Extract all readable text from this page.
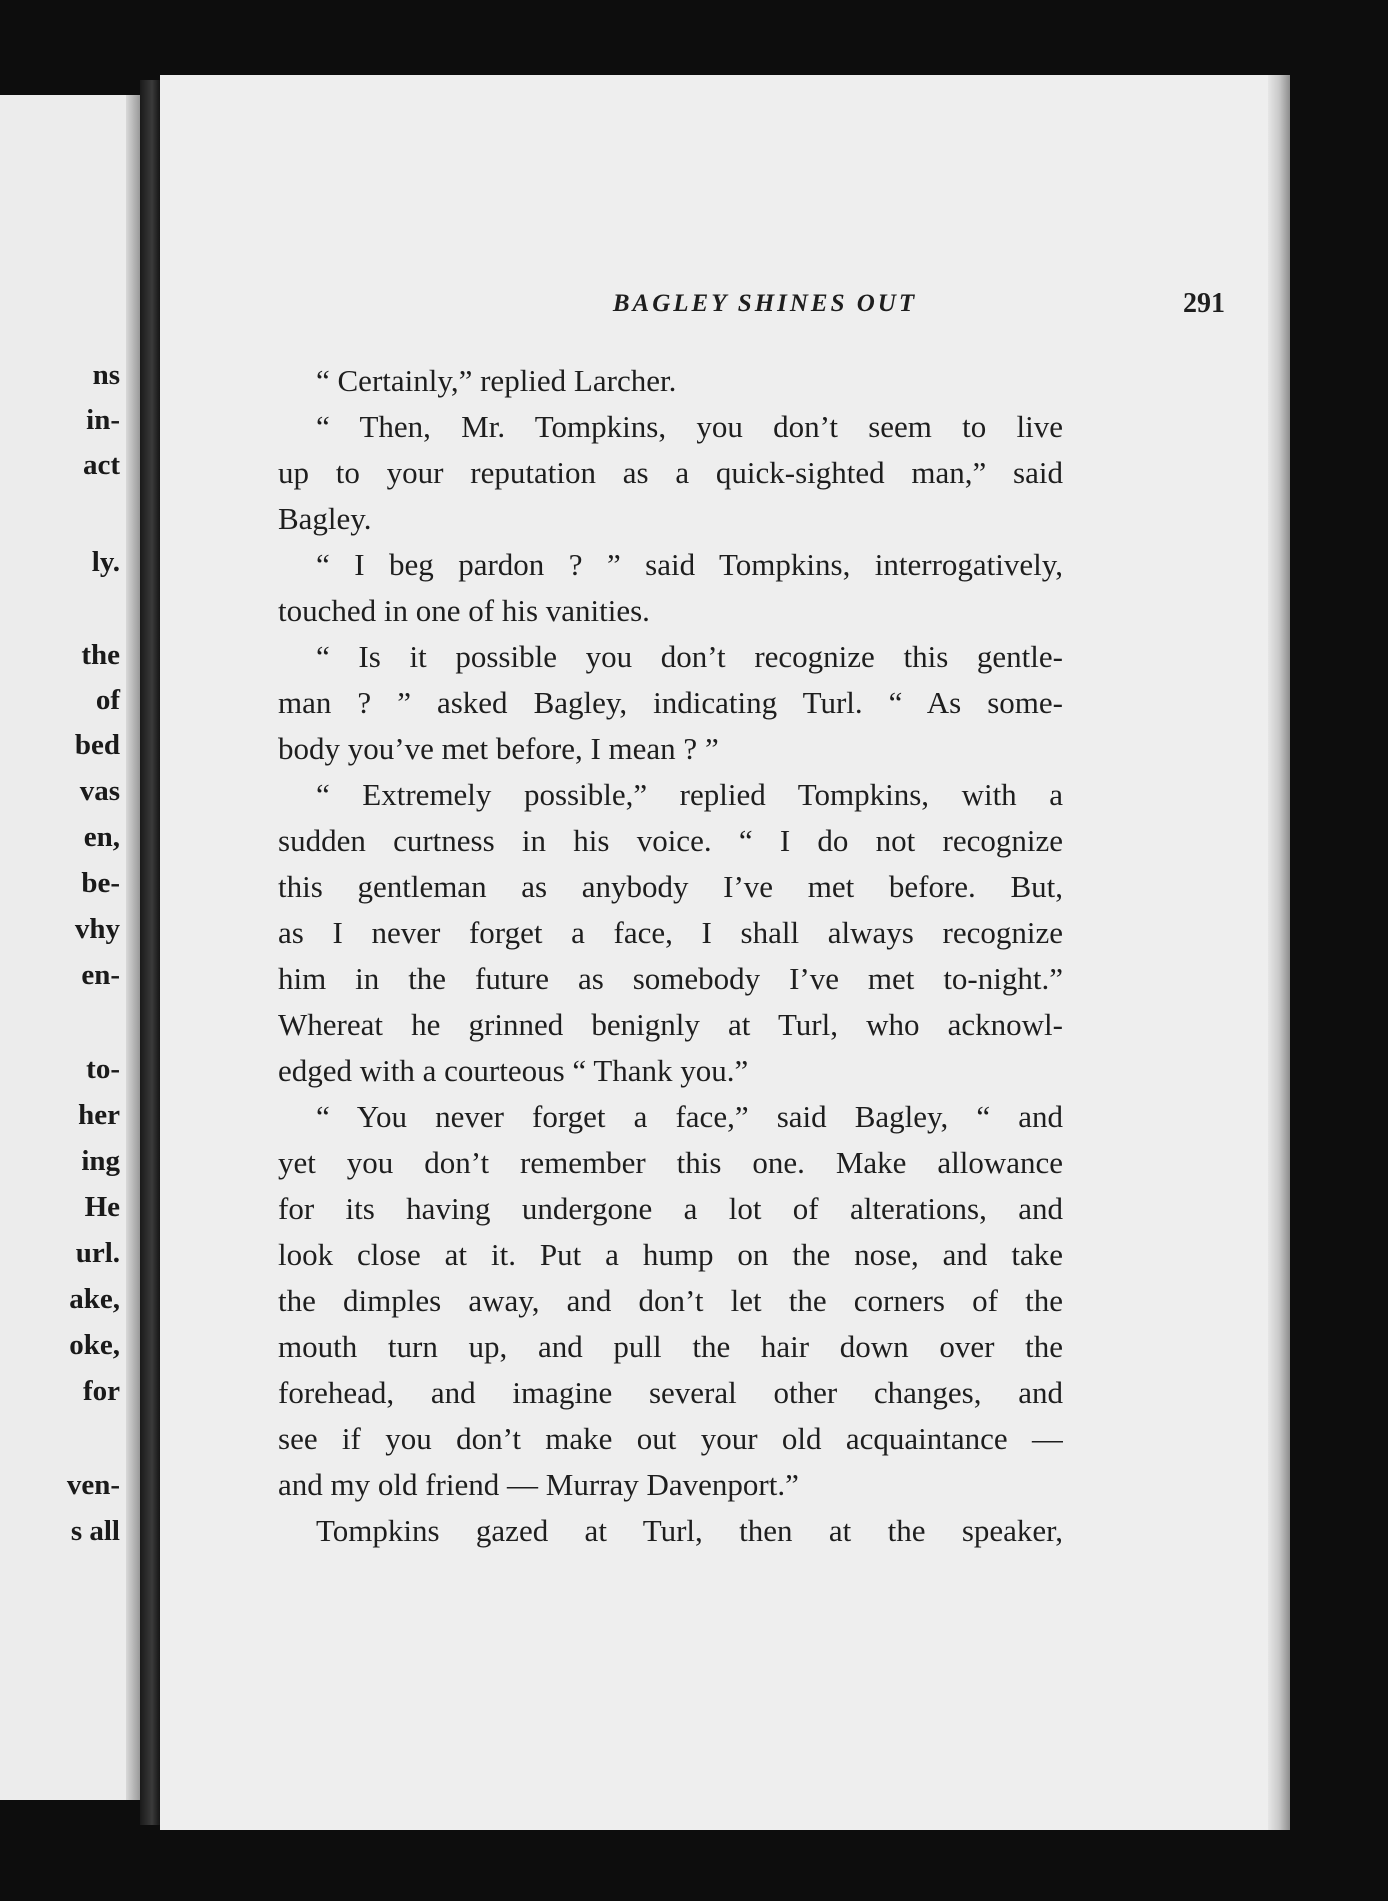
ns
in-
act
ly.
the
of
bed
vas
en,
be-
vhy
en-
to-
her
ing
He
url.
ake,
oke,
for
ven-
s all
BAGLEY SHINES OUT	291
“ Certainly,” replied Larcher.
“ Then, Mr. Tompkins, you don’t seem to live
up to your reputation as a quick-sighted man,” said
Bagley.
“ I beg pardon ? ” said Tompkins, interrogatively,
touched in one of his vanities.
“ Is it possible you don’t recognize this gentle-
man ? ” asked Bagley, indicating Turl. “ As some-
body you’ve met before, I mean ? ”
“ Extremely possible,” replied Tompkins, with a
sudden curtness in his voice. “ I do not recognize
this gentleman as anybody I’ve met before. But,
as I never forget a face, I shall always recognize
him in the future as somebody I’ve met to-night.”
Whereat he grinned benignly at Turl, who acknowl-
edged with a courteous “ Thank you.”
“ You never forget a face,” said Bagley, “ and
yet you don’t remember this one. Make allowance
for its having undergone a lot of alterations, and
look close at it. Put a hump on the nose, and take
the dimples away, and don’t let the corners of the
mouth turn up, and pull the hair down over the
forehead, and imagine several other changes, and
see if you don’t make out your old acquaintance —
and my old friend — Murray Davenport.”
Tompkins gazed at Turl, then at the speaker,
